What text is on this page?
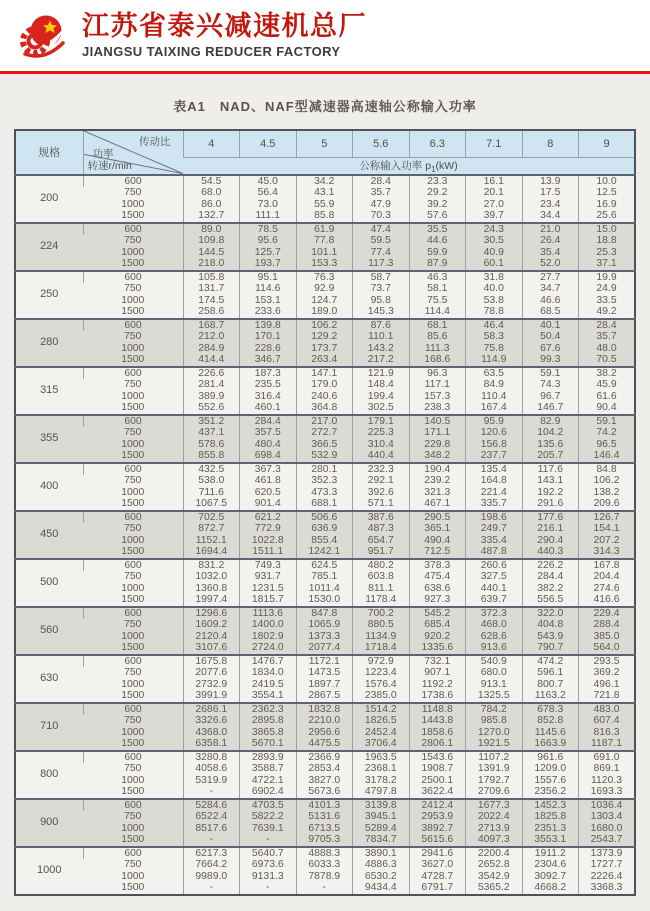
江苏省泰兴减速机总厂
JIANGSU TAIXING REDUCER FACTORY
表A1　NAD、NAF型减速器高速轴公称输入功率
规格	传动比
功率
转速r/min	4	4.5	5	5.6	6.3	7.1	8	9
		公称输入功率 $p_1(kW)$							
200	600	54.5	45.0	34.2	28.4	23.3	16.1	13.9	10.0
	750	68.0	56.4	43.1	35.7	29.2	20.1	17.5	12.5
	1000	86.0	73.0	55.9	47.9	39.2	27.0	23.4	16.9
	1500	132.7	111.1	85.8	70.3	57.6	39.7	34.4	25.6
224	600	89.0	78.5	61.9	47.4	35.5	24.3	21.0	15.0
	750	109.8	95.6	77.8	59.5	44.6	30.5	26.4	18.8
	1000	144.5	125.7	101.1	77.4	59.9	40.9	35.4	25.3
	1500	218.0	193.7	153.3	117.3	87.9	60.1	52.0	37.1
250	600	105.8	95.1	76.3	58.7	46.3	31.8	27.7	19.9
	750	131.7	114.6	92.9	73.7	58.1	40.0	34.7	24.9
	1000	174.5	153.1	124.7	95.8	75.5	53.8	46.6	33.5
	1500	258.6	233.6	189.0	145.3	114.4	78.8	68.5	49.2
280	600	168.7	139.8	106.2	87.6	68.1	46.4	40.1	28.4
	750	212.0	170.1	129.2	110.1	85.6	58.3	50.4	35.7
	1000	284.9	228.6	173.7	143.2	111.3	75.8	67.6	48.0
	1500	414.4	346.7	263.4	217.2	168.6	114.9	99.3	70.5
315	600	226.6	187.3	147.1	121.9	96.3	63.5	59.1	38.2
	750	281.4	235.5	179.0	148.4	117.1	84.9	74.3	45.9
	1000	389.9	316.4	240.6	199.4	157.3	110.4	96.7	61.6
	1500	552.6	460.1	364.8	302.5	238.3	167.4	146.7	90.4
355	600	351.2	284.4	217.0	179.1	140.5	95.9	82.9	59.1
	750	437.1	357.5	272.7	225.3	171.1	120.6	104.2	74.2
	1000	578.6	480.4	366.5	310.4	229.8	156.8	135.6	96.5
	1500	855.8	698.4	532.9	440.4	348.2	237.7	205.7	146.4
400	600	432.5	367.3	280.1	232.3	190.4	135.4	117.6	84.8
	750	538.0	461.8	352.3	292.1	239.2	164.8	143.1	106.2
	1000	711.6	620.5	473.3	392.6	321.3	221.4	192.2	138.2
	1500	1067.5	901.4	688.1	571.1	467.1	335.7	291.6	209.6
450	600	702.5	621.2	506.6	387.6	290.5	198.6	177.6	126.7
	750	872.7	772.9	636.9	487.3	365.1	249.7	216.1	154.1
	1000	1152.1	1022.8	855.4	654.7	490.4	335.4	290.4	207.2
	1500	1694.4	1511.1	1242.1	951.7	712.5	487.8	440.3	314.3
500	600	831.2	749.3	624.5	480.2	378.3	260.6	226.2	167.8
	750	1032.0	931.7	785.1	603.8	475.4	327.5	284.4	204.4
	1000	1360.8	1231.5	1011.4	811.1	638.6	440.1	382.2	274.6
	1500	1997.4	1815.7	1530.0	1178.4	927.3	639.7	556.5	416.6
560	600	1296.6	1113.6	847.8	700.2	545.2	372.3	322.0	229.4
	750	1609.2	1400.0	1065.9	880.5	685.4	468.0	404.8	288.4
	1000	2120.4	1802.9	1373.3	1134.9	920.2	628.6	543.9	385.0
	1500	3107.6	2724.0	2077.4	1718.4	1335.6	913.6	790.7	564.0
630	600	1675.8	1476.7	1172.1	972.9	732.1	540.9	474.2	293.5
	750	2077.6	1834.0	1473.5	1223.4	907.1	680.0	596.1	369.2
	1000	2732.9	2419.5	1897.7	1576.4	1192.2	913.1	800.7	496.1
	1500	3991.9	3554.1	2867.5	2385.0	1738.6	1325.5	1163.2	721.8
710	600	2686.1	2362.3	1832.8	1514.2	1148.8	784.2	678.3	483.0
	750	3326.6	2895.8	2210.0	1826.5	1443.8	985.8	852.8	607.4
	1000	4368.0	3865.8	2956.6	2452.4	1858.6	1270.0	1145.6	816.3
	1500	6358.1	5670.1	4475.5	3706.4	2806.1	1921.5	1663.9	1187.1
800	600	3280.8	2893.9	2366.9	1963.5	1543.6	1107.2	961.6	691.0
	750	4058.6	3588.7	2853.4	2368.1	1908.7	1391.9	1209.0	869.1
	1000	5319.9	4722.1	3827.0	3178.2	2500.1	1792.7	1557.6	1120.3
	1500	-	6902.4	5673.6	4797.8	3622.4	2709.6	2356.2	1693.3
900	600	5284.6	4703.5	4101.3	3139.8	2412.4	1677.3	1452.3	1036.4
	750	6522.4	5822.2	5131.6	3945.1	2953.9	2022.4	1825.8	1303.4
	1000	8517.6	7639.1	6713.5	5289.4	3892.7	2713.9	2351.3	1680.0
	1500	-	-	9705.3	7834.7	5615.6	4097.3	3553.1	2543.7
1000	600	6217.3	5640.7	4888.3	3890.1	2941.6	2200.4	1911.2	1373.9
	750	7664.2	6973.6	6033.3	4886.3	3627.0	2652.8	2304.6	1727.7
	1000	9989.0	9131.3	7878.9	6530.2	4728.7	3542.9	3092.7	2226.4
	1500	-	-	-	9434.4	6791.7	5365.2	4668.2	3368.3
